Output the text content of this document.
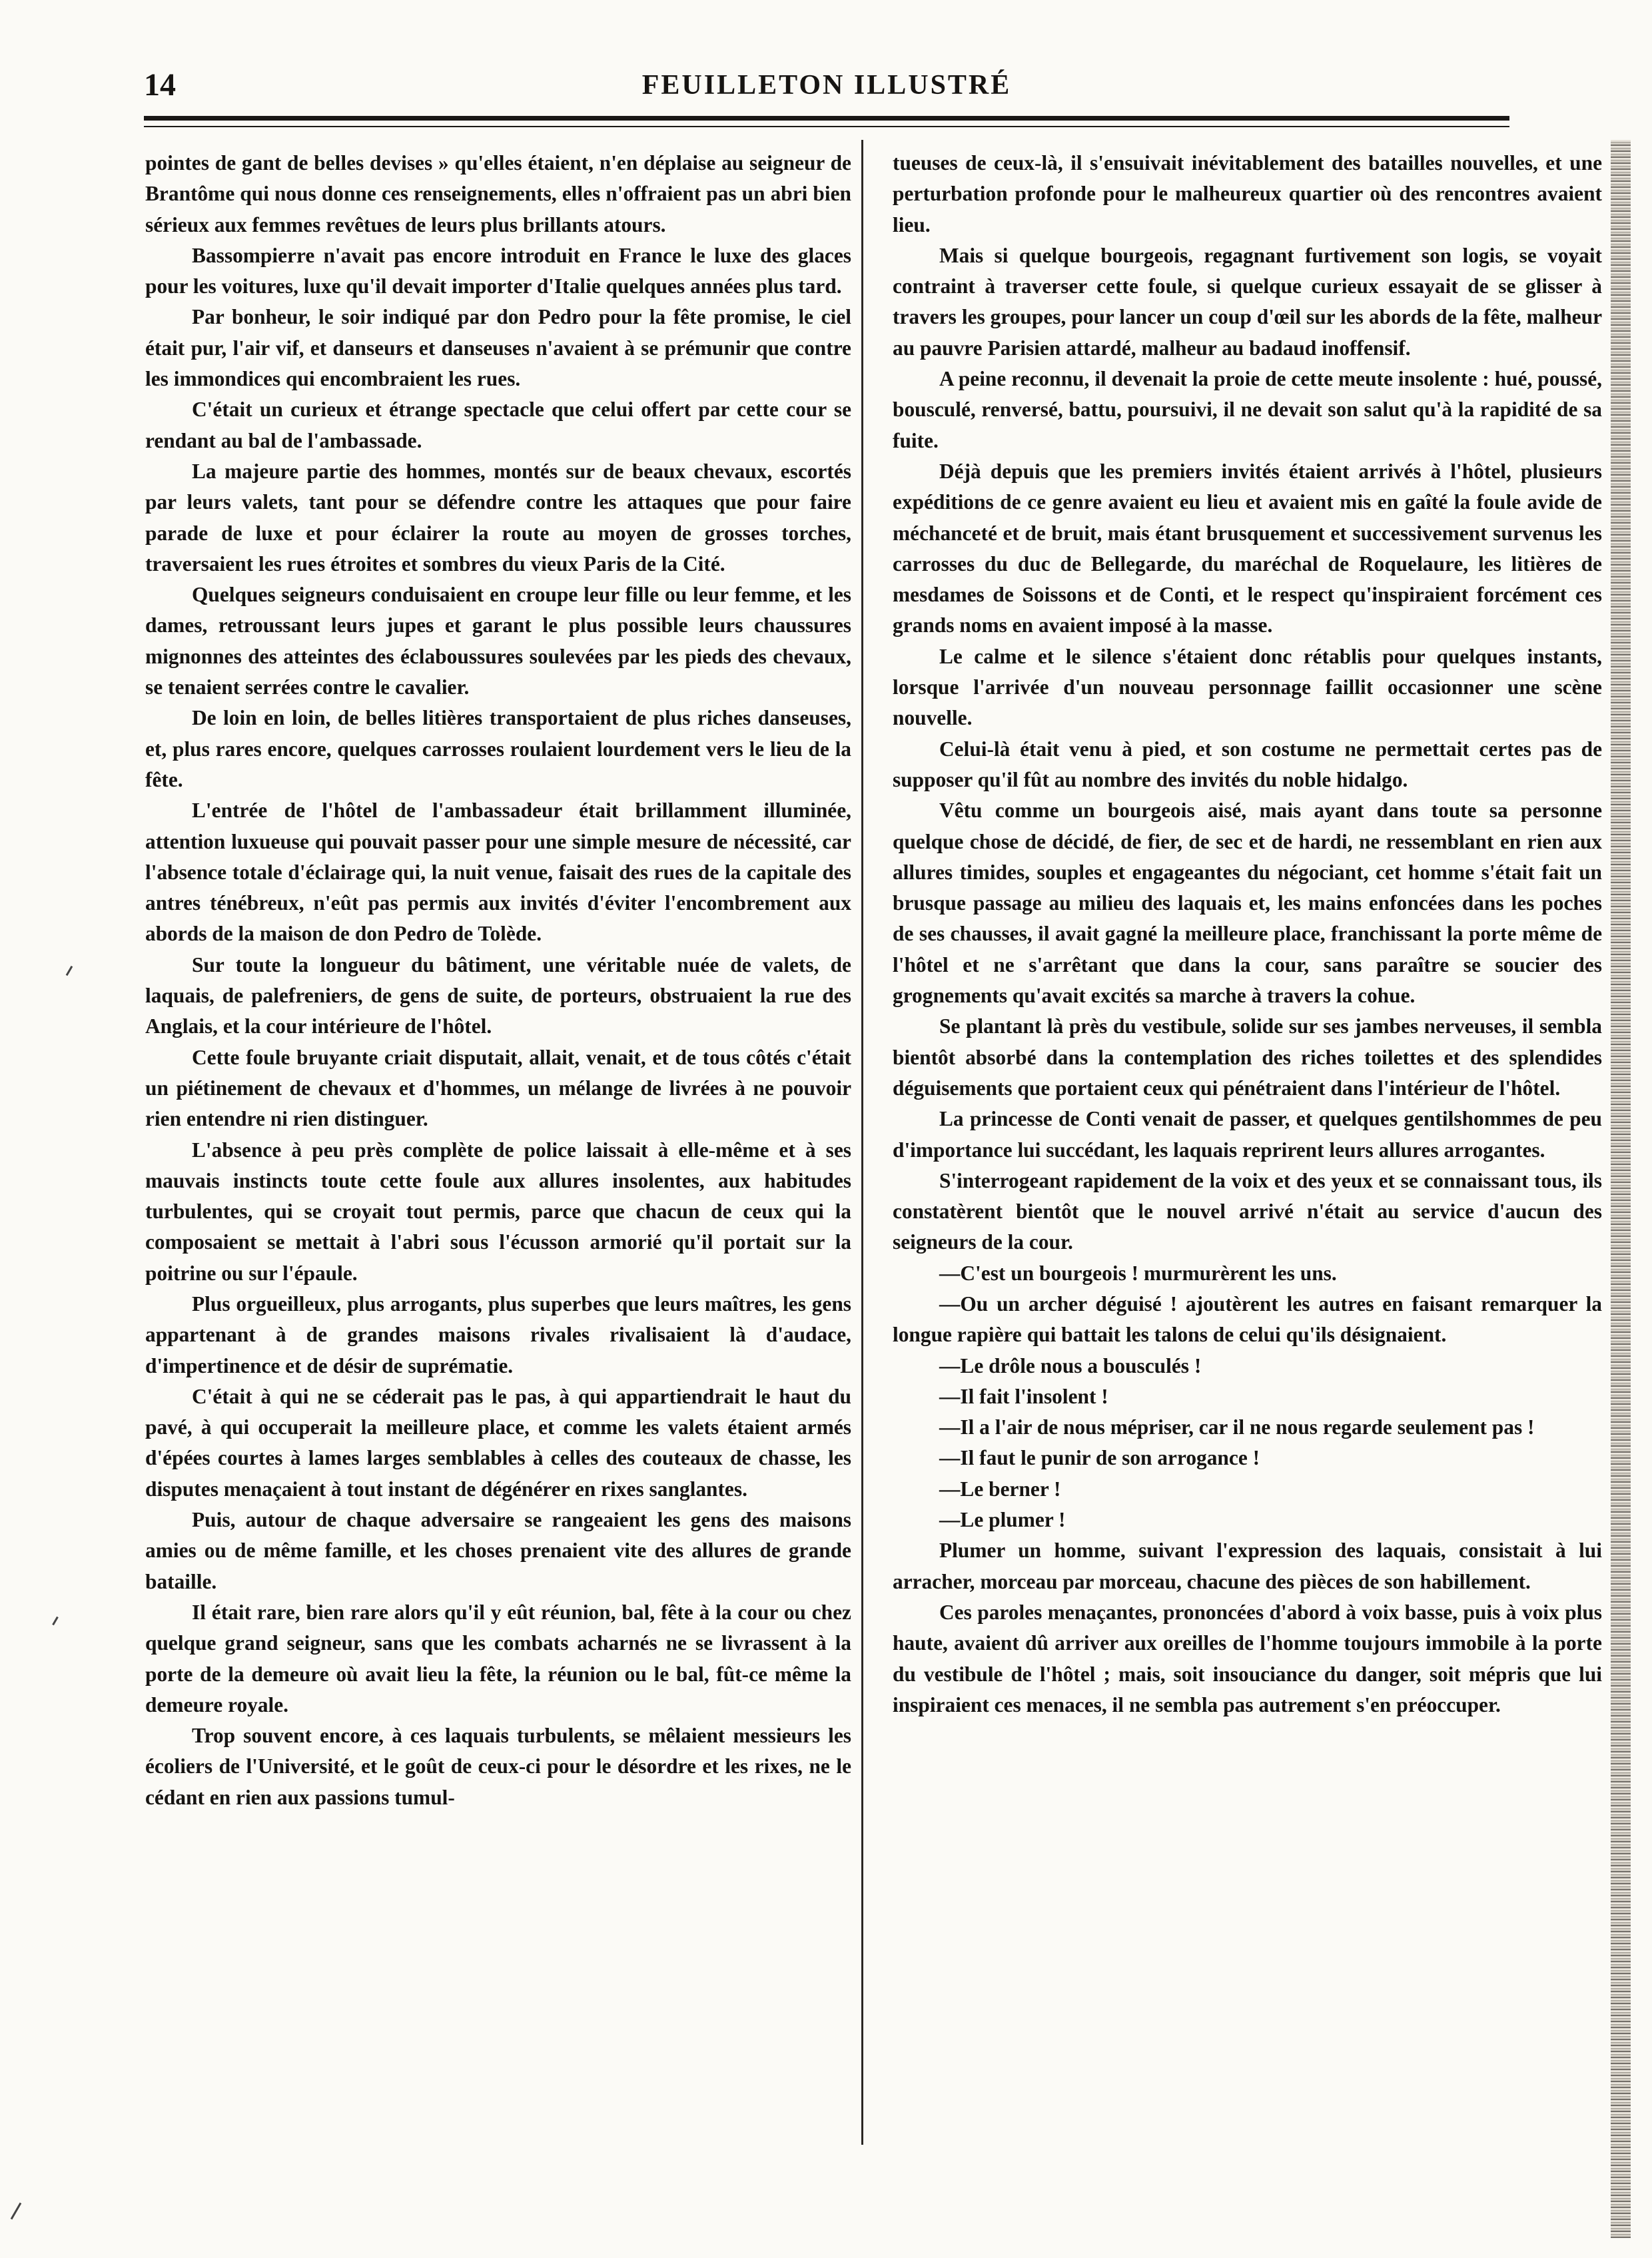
14	FEUILLETON ILLUSTRÉ

pointes de gant de belles devises » qu'elles étaient, n'en déplaise au seigneur de Brantôme qui nous donne ces renseignements, elles n'offraient pas un abri bien sérieux aux femmes revêtues de leurs plus brillants atours.

Bassompierre n'avait pas encore introduit en France le luxe des glaces pour les voitures, luxe qu'il devait importer d'Italie quelques années plus tard.

Par bonheur, le soir indiqué par don Pedro pour la fête promise, le ciel était pur, l'air vif, et danseurs et danseuses n'avaient à se prémunir que contre les immondices qui encombraient les rues.

C'était un curieux et étrange spectacle que celui offert par cette cour se rendant au bal de l'ambassade.

La majeure partie des hommes, montés sur de beaux chevaux, escortés par leurs valets, tant pour se défendre contre les attaques que pour faire parade de luxe et pour éclairer la route au moyen de grosses torches, traversaient les rues étroites et sombres du vieux Paris de la Cité.

Quelques seigneurs conduisaient en croupe leur fille ou leur femme, et les dames, retroussant leurs jupes et garant le plus possible leurs chaussures mignonnes des atteintes des éclaboussures soulevées par les pieds des chevaux, se tenaient serrées contre le cavalier.

De loin en loin, de belles litières transportaient de plus riches danseuses, et, plus rares encore, quelques carrosses roulaient lourdement vers le lieu de la fête.

L'entrée de l'hôtel de l'ambassadeur était brillamment illuminée, attention luxueuse qui pouvait passer pour une simple mesure de nécessité, car l'absence totale d'éclairage qui, la nuit venue, faisait des rues de la capitale des antres ténébreux, n'eût pas permis aux invités d'éviter l'encombrement aux abords de la maison de don Pedro de Tolède.

Sur toute la longueur du bâtiment, une véritable nuée de valets, de laquais, de palefreniers, de gens de suite, de porteurs, obstruaient la rue des Anglais, et la cour intérieure de l'hôtel.

Cette foule bruyante criait disputait, allait, venait, et de tous côtés c'était un piétinement de chevaux et d'hommes, un mélange de livrées à ne pouvoir rien entendre ni rien distinguer.

L'absence à peu près complète de police laissait à elle-même et à ses mauvais instincts toute cette foule aux allures insolentes, aux habitudes turbulentes, qui se croyait tout permis, parce que chacun de ceux qui la composaient se mettait à l'abri sous l'écusson armorié qu'il portait sur la poitrine ou sur l'épaule.

Plus orgueilleux, plus arrogants, plus superbes que leurs maîtres, les gens appartenant à de grandes maisons rivales rivalisaient là d'audace, d'impertinence et de désir de suprématie.

C'était à qui ne se céderait pas le pas, à qui appartiendrait le haut du pavé, à qui occuperait la meilleure place, et comme les valets étaient armés d'épées courtes à lames larges semblables à celles des couteaux de chasse, les disputes menaçaient à tout instant de dégénérer en rixes sanglantes.

Puis, autour de chaque adversaire se rangeaient les gens des maisons amies ou de même famille, et les choses prenaient vite des allures de grande bataille.

Il était rare, bien rare alors qu'il y eût réunion, bal, fête à la cour ou chez quelque grand seigneur, sans que les combats acharnés ne se livrassent à la porte de la demeure où avait lieu la fête, la réunion ou le bal, fût-ce même la demeure royale.

Trop souvent encore, à ces laquais turbulents, se mêlaient messieurs les écoliers de l'Université, et le goût de ceux-ci pour le désordre et les rixes, ne le cédant en rien aux passions tumul-

tueuses de ceux-là, il s'ensuivait inévitablement des batailles nouvelles, et une perturbation profonde pour le malheureux quartier où des rencontres avaient lieu.

Mais si quelque bourgeois, regagnant furtivement son logis, se voyait contraint à traverser cette foule, si quelque curieux essayait de se glisser à travers les groupes, pour lancer un coup d'œil sur les abords de la fête, malheur au pauvre Parisien attardé, malheur au badaud inoffensif.

A peine reconnu, il devenait la proie de cette meute insolente : hué, poussé, bousculé, renversé, battu, poursuivi, il ne devait son salut qu'à la rapidité de sa fuite.

Déjà depuis que les premiers invités étaient arrivés à l'hôtel, plusieurs expéditions de ce genre avaient eu lieu et avaient mis en gaîté la foule avide de méchanceté et de bruit, mais étant brusquement et successivement survenus les carrosses du duc de Bellegarde, du maréchal de Roquelaure, les litières de mesdames de Soissons et de Conti, et le respect qu'inspiraient forcément ces grands noms en avaient imposé à la masse.

Le calme et le silence s'étaient donc rétablis pour quelques instants, lorsque l'arrivée d'un nouveau personnage faillit occasionner une scène nouvelle.

Celui-là était venu à pied, et son costume ne permettait certes pas de supposer qu'il fût au nombre des invités du noble hidalgo.

Vêtu comme un bourgeois aisé, mais ayant dans toute sa personne quelque chose de décidé, de fier, de sec et de hardi, ne ressemblant en rien aux allures timides, souples et engageantes du négociant, cet homme s'était fait un brusque passage au milieu des laquais et, les mains enfoncées dans les poches de ses chausses, il avait gagné la meilleure place, franchissant la porte même de l'hôtel et ne s'arrêtant que dans la cour, sans paraître se soucier des grognements qu'avait excités sa marche à travers la cohue.

Se plantant là près du vestibule, solide sur ses jambes nerveuses, il sembla bientôt absorbé dans la contemplation des riches toilettes et des splendides déguisements que portaient ceux qui pénétraient dans l'intérieur de l'hôtel.

La princesse de Conti venait de passer, et quelques gentilshommes de peu d'importance lui succédant, les laquais reprirent leurs allures arrogantes.

S'interrogeant rapidement de la voix et des yeux et se connaissant tous, ils constatèrent bientôt que le nouvel arrivé n'était au service d'aucun des seigneurs de la cour.

—C'est un bourgeois ! murmurèrent les uns.

—Ou un archer déguisé ! ajoutèrent les autres en faisant remarquer la longue rapière qui battait les talons de celui qu'ils désignaient.

—Le drôle nous a bousculés !

—Il fait l'insolent !

—Il a l'air de nous mépriser, car il ne nous regarde seulement pas !

—Il faut le punir de son arrogance !

—Le berner !

—Le plumer !

Plumer un homme, suivant l'expression des laquais, consistait à lui arracher, morceau par morceau, chacune des pièces de son habillement.

Ces paroles menaçantes, prononcées d'abord à voix basse, puis à voix plus haute, avaient dû arriver aux oreilles de l'homme toujours immobile à la porte du vestibule de l'hôtel ; mais, soit insouciance du danger, soit mépris que lui inspiraient ces menaces, il ne sembla pas autrement s'en préoccuper.
